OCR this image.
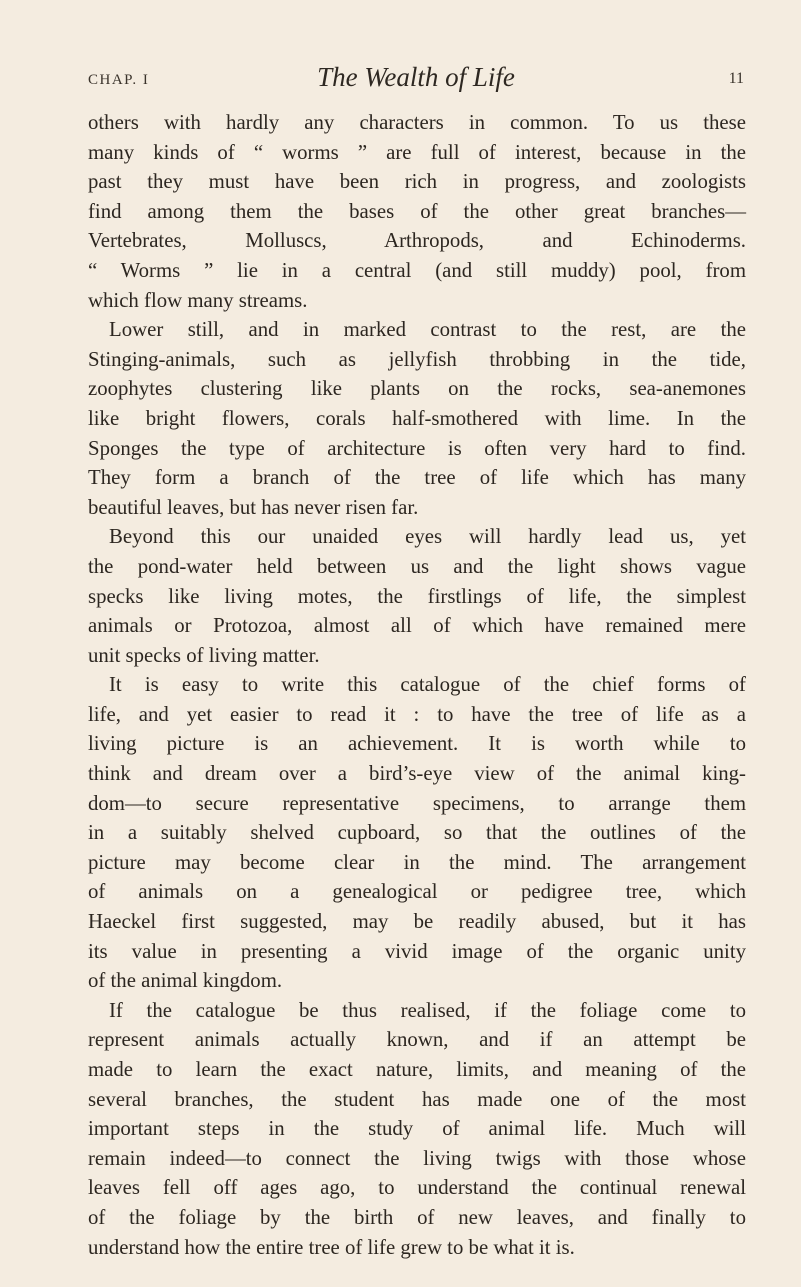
CHAP. I	The Wealth of Life	11
others with hardly any characters in common. To us these
many kinds of “ worms ” are full of interest, because in the
past they must have been rich in progress, and zoologists
find among them the bases of the other great branches—
Vertebrates, Molluscs, Arthropods, and Echinoderms.
“ Worms ” lie in a central (and still muddy) pool, from
which flow many streams.
Lower still, and in marked contrast to the rest, are the
Stinging-animals, such as jellyfish throbbing in the tide,
zoophytes clustering like plants on the rocks, sea-anemones
like bright flowers, corals half-smothered with lime. In the
Sponges the type of architecture is often very hard to find.
They form a branch of the tree of life which has many
beautiful leaves, but has never risen far.
Beyond this our unaided eyes will hardly lead us, yet
the pond-water held between us and the light shows vague
specks like living motes, the firstlings of life, the simplest
animals or Protozoa, almost all of which have remained mere
unit specks of living matter.
It is easy to write this catalogue of the chief forms of
life, and yet easier to read it : to have the tree of life as a
living picture is an achievement. It is worth while to
think and dream over a bird’s-eye view of the animal king-
dom—to secure representative specimens, to arrange them
in a suitably shelved cupboard, so that the outlines of the
picture may become clear in the mind. The arrangement
of animals on a genealogical or pedigree tree, which
Haeckel first suggested, may be readily abused, but it has
its value in presenting a vivid image of the organic unity
of the animal kingdom.
If the catalogue be thus realised, if the foliage come to
represent animals actually known, and if an attempt be
made to learn the exact nature, limits, and meaning of the
several branches, the student has made one of the most
important steps in the study of animal life. Much will
remain indeed—to connect the living twigs with those whose
leaves fell off ages ago, to understand the continual renewal
of the foliage by the birth of new leaves, and finally to
understand how the entire tree of life grew to be what it is.
